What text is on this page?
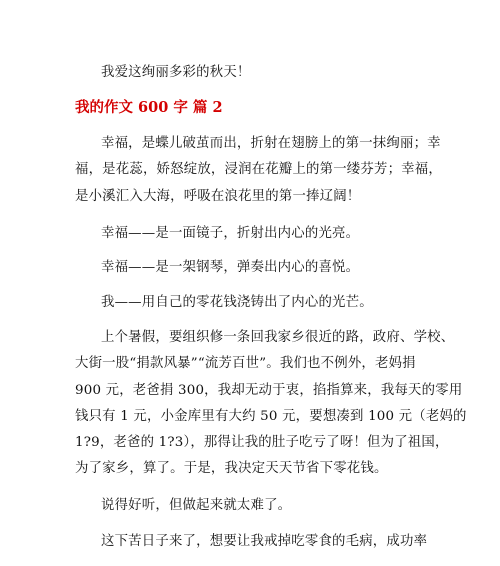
我爱这绚丽多彩的秋天！
我的作文 600 字 篇 2
幸福，是蝶儿破茧而出，折射在翅膀上的第一抹绚丽；幸
福，是花蕊，娇怒绽放，浸润在花瓣上的第一缕芬芳；幸福，
是小溪汇入大海，呼吸在浪花里的第一捧辽阔！
幸福——是一面镜子，折射出内心的光亮。
幸福——是一架钢琴，弹奏出内心的喜悦。
我——用自己的零花钱浇铸出了内心的光芒。
上个暑假，要组织修一条回我家乡很近的路，政府、学校、
大街一股“捐款风暴”“流芳百世”。我们也不例外，老妈捐
900 元，老爸捐 300，我却无动于衷，掐指算来，我每天的零用
钱只有 1 元，小金库里有大约 50 元，要想凑到 100 元（老妈的
1?9，老爸的 1?3），那得让我的肚子吃亏了呀！但为了祖国，
为了家乡，算了。于是，我决定天天节省下零花钱。
说得好听，但做起来就太难了。
这下苦日子来了，想要让我戒掉吃零食的毛病，成功率
